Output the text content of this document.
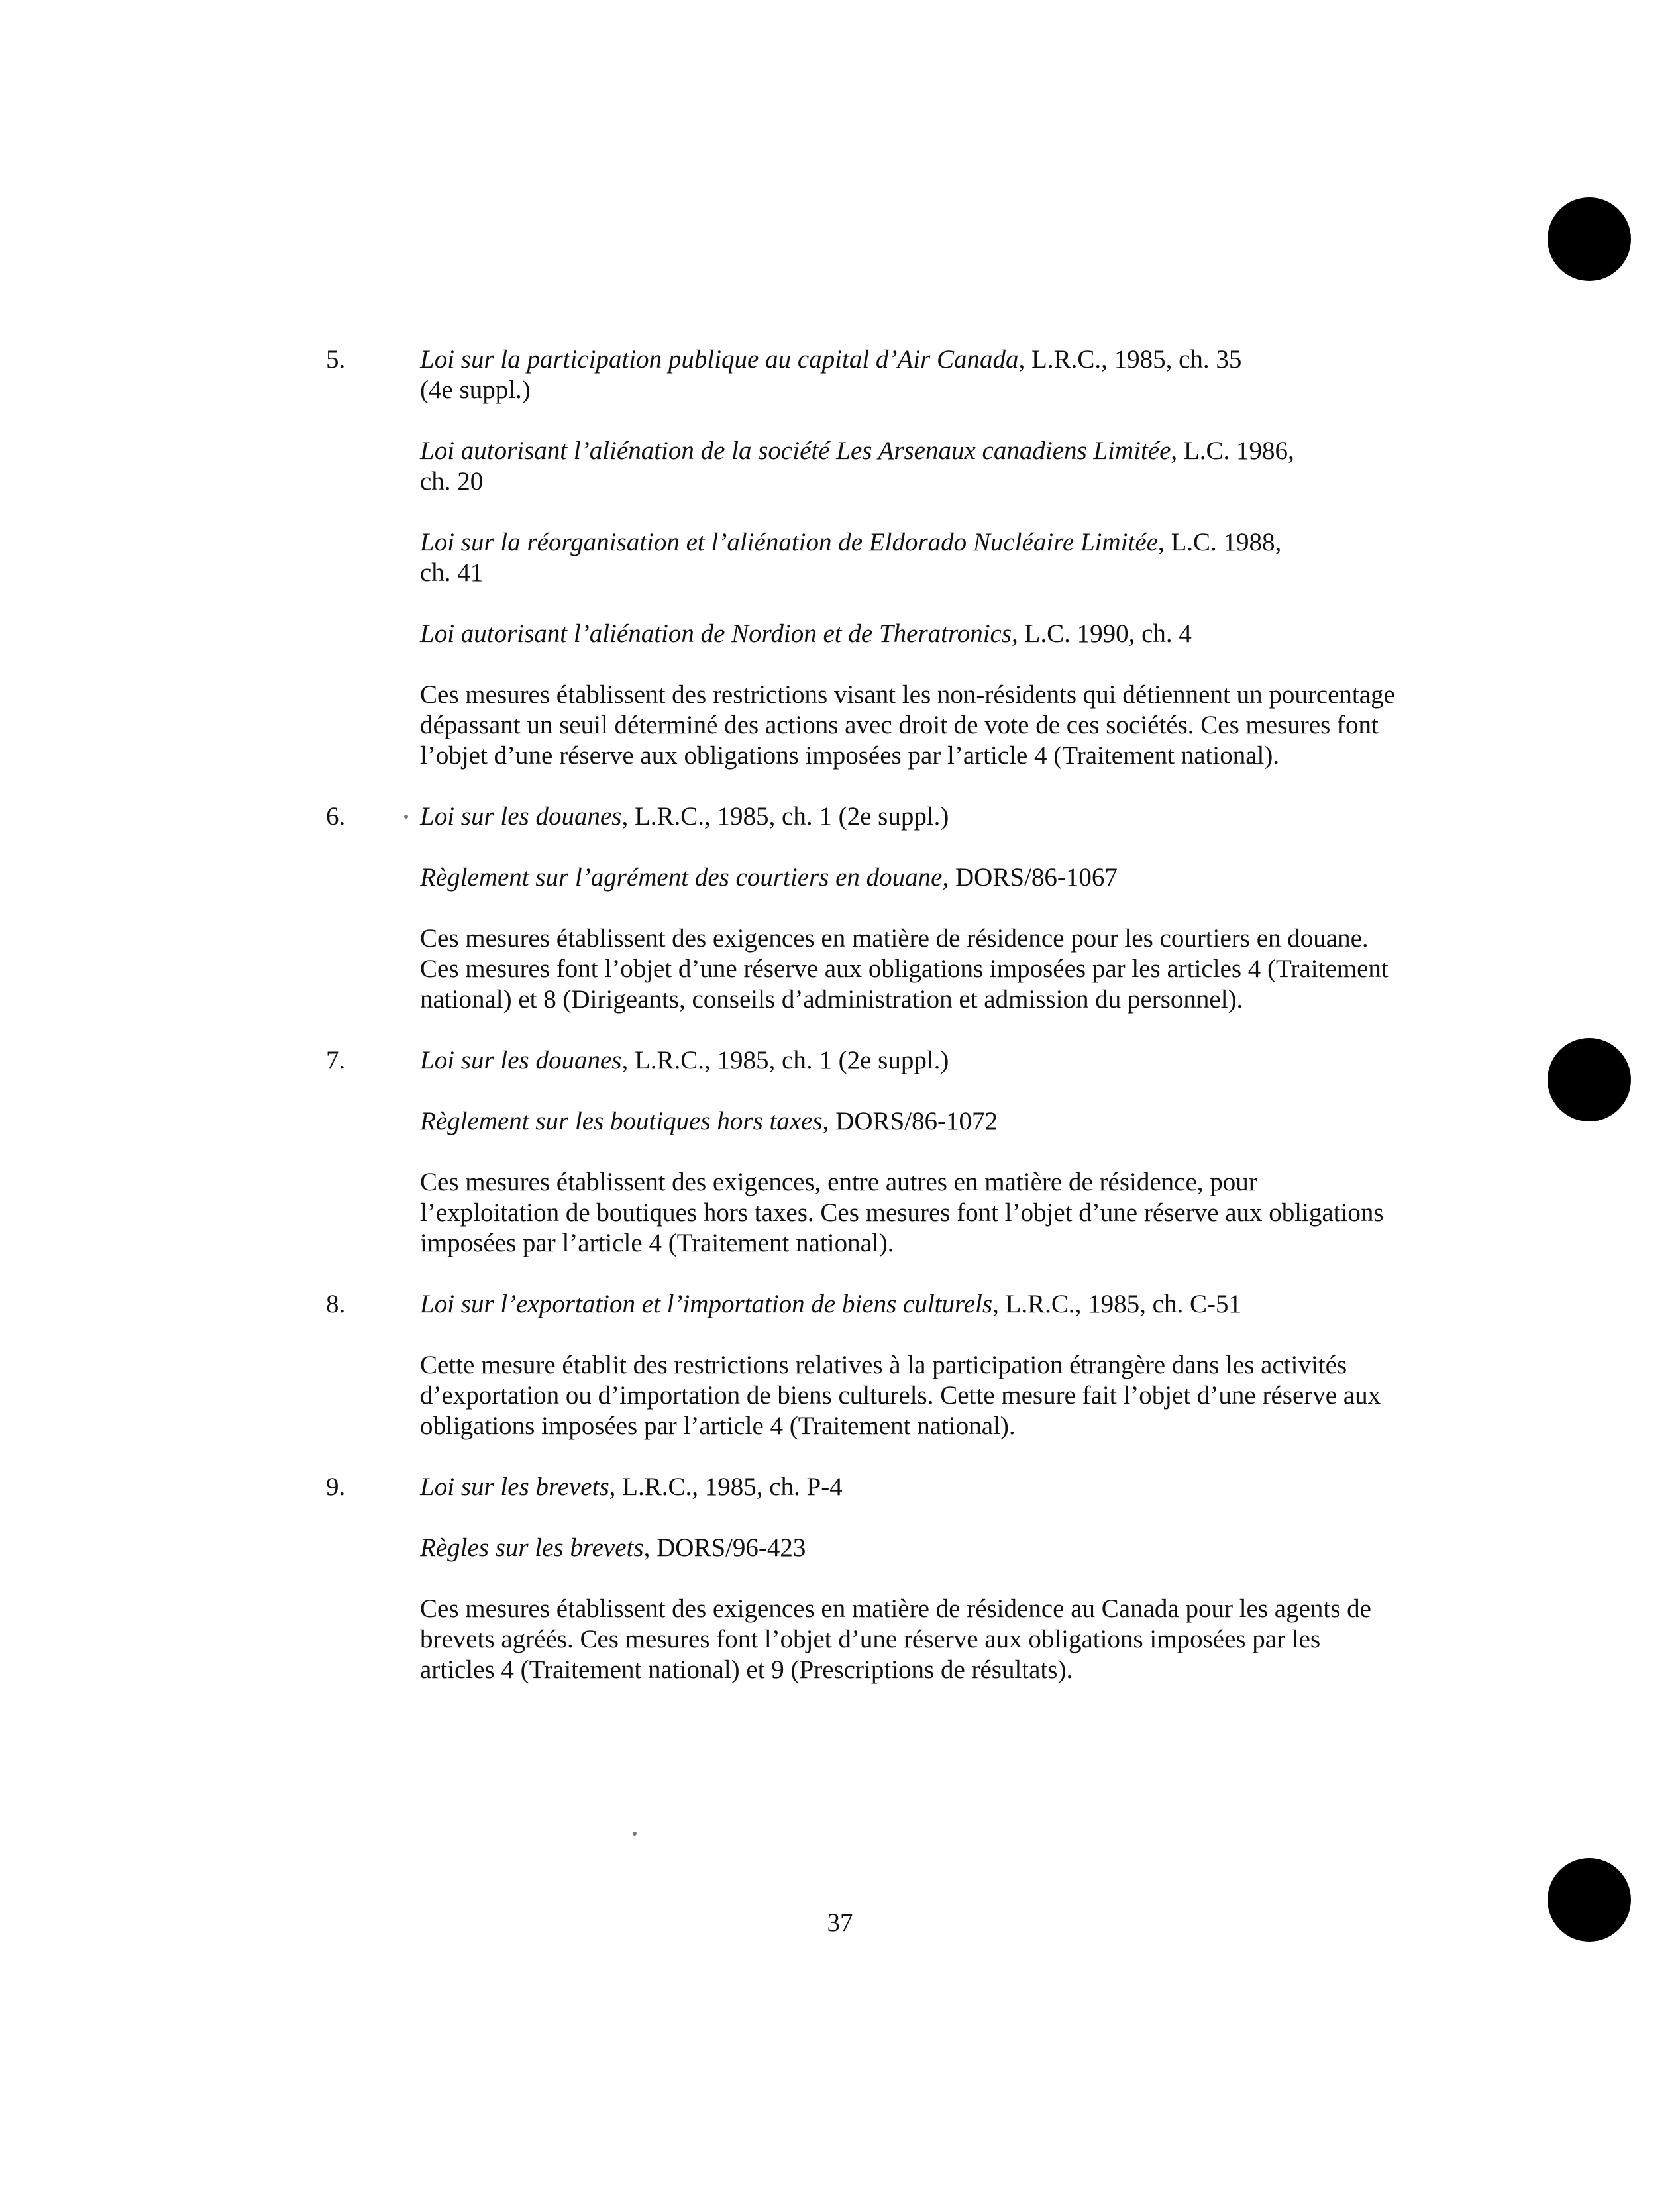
5.	Loi sur la participation publique au capital d’Air Canada, L.R.C., 1985, ch. 35
(4e suppl.)

Loi autorisant l’aliénation de la société Les Arsenaux canadiens Limitée, L.C. 1986,
ch. 20

Loi sur la réorganisation et l’aliénation de Eldorado Nucléaire Limitée, L.C. 1988,
ch. 41

Loi autorisant l’aliénation de Nordion et de Theratronics, L.C. 1990, ch. 4

Ces mesures établissent des restrictions visant les non-résidents qui détiennent un pourcentage dépassant un seuil déterminé des actions avec droit de vote de ces sociétés. Ces mesures font l’objet d’une réserve aux obligations imposées par l’article 4 (Traitement national).

6.	Loi sur les douanes, L.R.C., 1985, ch. 1 (2e suppl.)

Règlement sur l’agrément des courtiers en douane, DORS/86-1067

Ces mesures établissent des exigences en matière de résidence pour les courtiers en douane. Ces mesures font l’objet d’une réserve aux obligations imposées par les articles 4 (Traitement national) et 8 (Dirigeants, conseils d’administration et admission du personnel).

7.	Loi sur les douanes, L.R.C., 1985, ch. 1 (2e suppl.)

Règlement sur les boutiques hors taxes, DORS/86-1072

Ces mesures établissent des exigences, entre autres en matière de résidence, pour l’exploitation de boutiques hors taxes. Ces mesures font l’objet d’une réserve aux obligations imposées par l’article 4 (Traitement national).

8.	Loi sur l’exportation et l’importation de biens culturels, L.R.C., 1985, ch. C-51

Cette mesure établit des restrictions relatives à la participation étrangère dans les activités d’exportation ou d’importation de biens culturels. Cette mesure fait l’objet d’une réserve aux obligations imposées par l’article 4 (Traitement national).

9.	Loi sur les brevets, L.R.C., 1985, ch. P-4

Règles sur les brevets, DORS/96-423

Ces mesures établissent des exigences en matière de résidence au Canada pour les agents de brevets agréés. Ces mesures font l’objet d’une réserve aux obligations imposées par les articles 4 (Traitement national) et 9 (Prescriptions de résultats).

37
